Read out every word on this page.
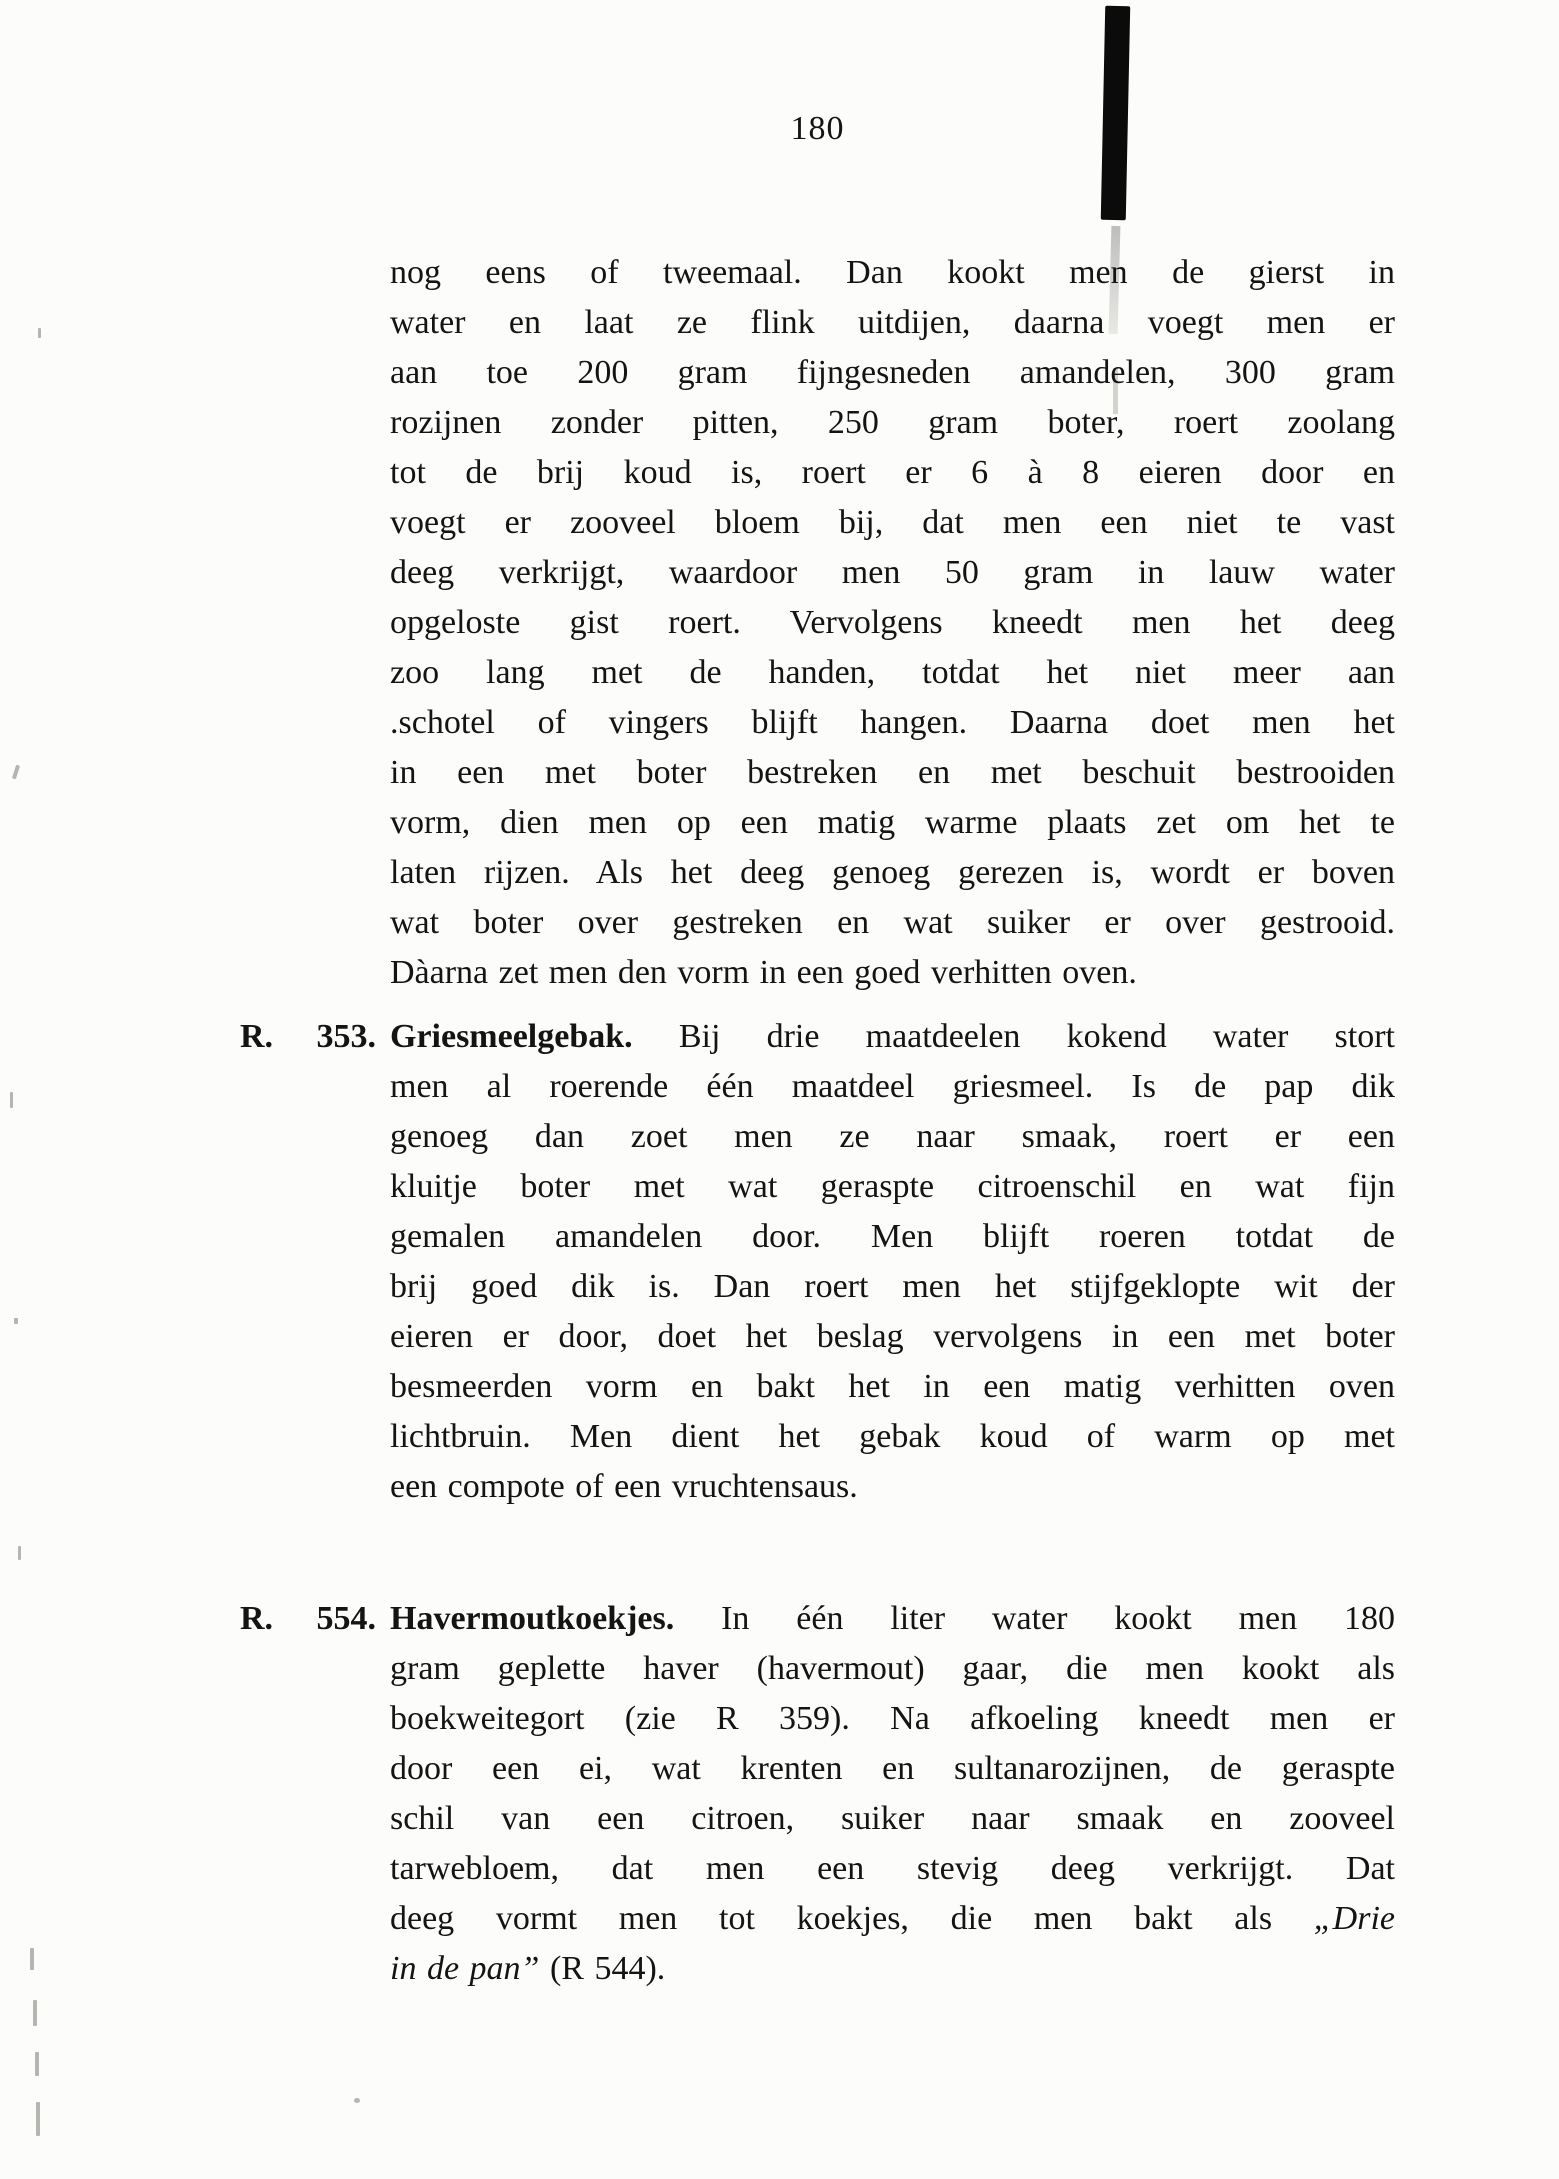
180
nog eens of tweemaal. Dan kookt men de gierst in
water en laat ze flink uitdijen, daarna voegt men er
aan toe 200 gram fijngesneden amandelen, 300 gram
rozijnen zonder pitten, 250 gram boter, roert zoolang
tot de brij koud is, roert er 6 à 8 eieren door en
voegt er zooveel bloem bij, dat men een niet te vast
deeg verkrijgt, waardoor men 50 gram in lauw water
opgeloste gist roert. Vervolgens kneedt men het deeg
zoo lang met de handen, totdat het niet meer aan
.schotel of vingers blijft hangen. Daarna doet men het
in een met boter bestreken en met beschuit bestrooiden
vorm, dien men op een matig warme plaats zet om het te
laten rijzen. Als het deeg genoeg gerezen is, wordt er boven
wat boter over gestreken en wat suiker er over gestrooid.
Dàarna zet men den vorm in een goed verhitten oven.
R. 353. Griesmeelgebak. Bij drie maatdeelen kokend water stort
men al roerende één maatdeel griesmeel. Is de pap dik
genoeg dan zoet men ze naar smaak, roert er een
kluitje boter met wat geraspte citroenschil en wat fijn
gemalen amandelen door. Men blijft roeren totdat de
brij goed dik is. Dan roert men het stijfgeklopte wit der
eieren er door, doet het beslag vervolgens in een met boter
besmeerden vorm en bakt het in een matig verhitten oven
lichtbruin. Men dient het gebak koud of warm op met
een compote of een vruchtensaus.
R. 554. Havermoutkoekjes. In één liter water kookt men 180
gram geplette haver (havermout) gaar, die men kookt als
boekweitegort (zie R 359). Na afkoeling kneedt men er
door een ei, wat krenten en sultanarozijnen, de geraspte
schil van een citroen, suiker naar smaak en zooveel
tarwebloem, dat men een stevig deeg verkrijgt. Dat
deeg vormt men tot koekjes, die men bakt als „Drie
in de pan” (R 544).
